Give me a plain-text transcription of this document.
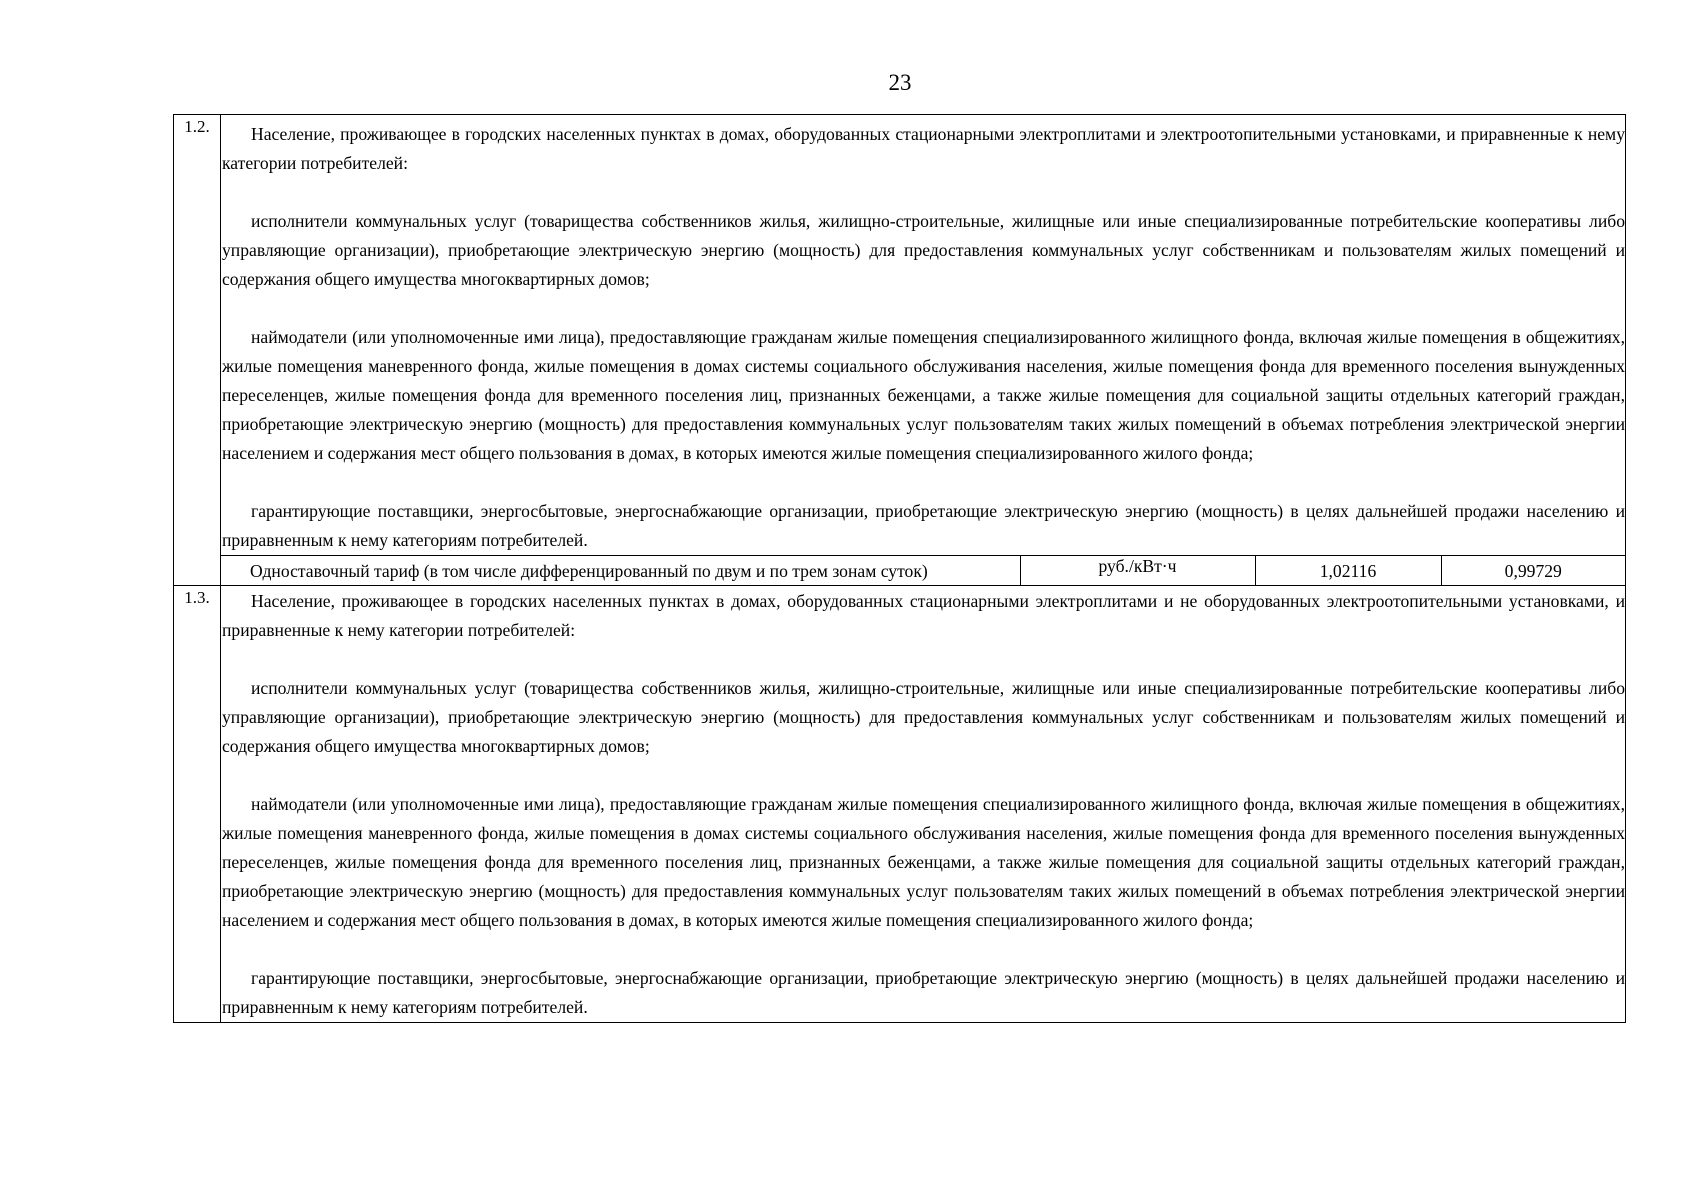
23
1.2.	Население, проживающее в городских населенных пунктах в домах, оборудованных стационарными электроплитами и электроотопительными установками, и приравненные к нему категории потребителей:
исполнители коммунальных услуг (товарищества собственников жилья, жилищно-строительные, жилищные или иные специализированные потребительские кооперативы либо управляющие организации), приобретающие электрическую энергию (мощность) для предоставления коммунальных услуг собственникам и пользователям жилых помещений и содержания общего имущества многоквартирных домов;
наймодатели (или уполномоченные ими лица), предоставляющие гражданам жилые помещения специализированного жилищного фонда, включая жилые помещения в общежитиях, жилые помещения маневренного фонда, жилые помещения в домах системы социального обслуживания населения, жилые помещения фонда для временного поселения вынужденных переселенцев, жилые помещения фонда для временного поселения лиц, признанных беженцами, а также жилые помещения для социальной защиты отдельных категорий граждан, приобретающие электрическую энергию (мощность) для предоставления коммунальных услуг пользователям таких жилых помещений в объемах потребления электрической энергии населением и содержания мест общего пользования в домах, в которых имеются жилые помещения специализированного жилого фонда;
гарантирующие поставщики, энергосбытовые, энергоснабжающие организации, приобретающие электрическую энергию (мощность) в целях дальнейшей продажи населению и приравненным к нему категориям потребителей.

Одноставочный тариф (в том числе дифференцированный по двум и по трем зонам суток)	руб./кВт·ч	1,02116	0,99729

1.3.	Население, проживающее в городских населенных пунктах в домах, оборудованных стационарными электроплитами и не оборудованных электроотопительными установками, и приравненные к нему категории потребителей:
исполнители коммунальных услуг (товарищества собственников жилья, жилищно-строительные, жилищные или иные специализированные потребительские кооперативы либо управляющие организации), приобретающие электрическую энергию (мощность) для предоставления коммунальных услуг собственникам и пользователям жилых помещений и содержания общего имущества многоквартирных домов;
наймодатели (или уполномоченные ими лица), предоставляющие гражданам жилые помещения специализированного жилищного фонда, включая жилые помещения в общежитиях, жилые помещения маневренного фонда, жилые помещения в домах системы социального обслуживания населения, жилые помещения фонда для временного поселения вынужденных переселенцев, жилые помещения фонда для временного поселения лиц, признанных беженцами, а также жилые помещения для социальной защиты отдельных категорий граждан, приобретающие электрическую энергию (мощность) для предоставления коммунальных услуг пользователям таких жилых помещений в объемах потребления электрической энергии населением и содержания мест общего пользования в домах, в которых имеются жилые помещения специализированного жилого фонда;
гарантирующие поставщики, энергосбытовые, энергоснабжающие организации, приобретающие электрическую энергию (мощность) в целях дальнейшей продажи населению и приравненным к нему категориям потребителей.
